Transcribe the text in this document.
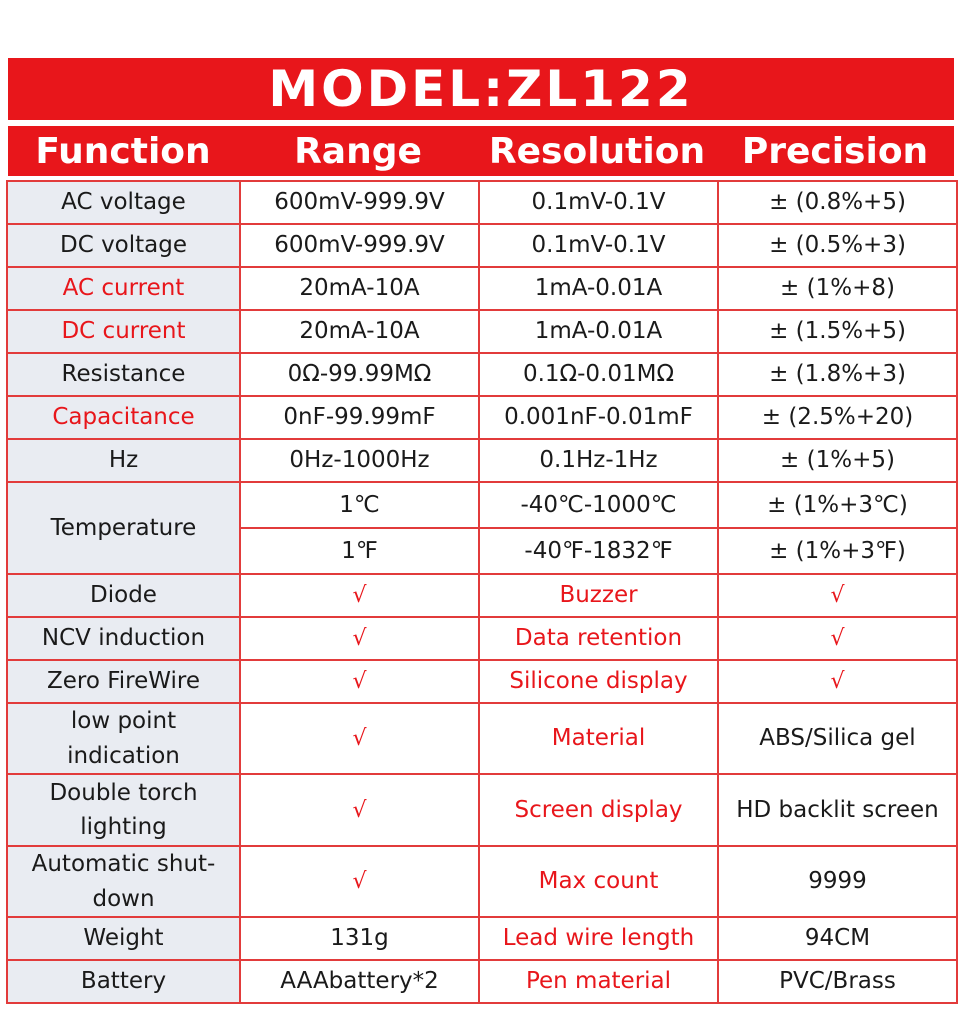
MODEL:ZL122
Function	Range	Resolution	Precision
AC voltage	600mV-999.9V	0.1mV-0.1V	± (0.8%+5)
DC voltage	600mV-999.9V	0.1mV-0.1V	± (0.5%+3)
AC current	20mA-10A	1mA-0.01A	± (1%+8)
DC current	20mA-10A	1mA-0.01A	± (1.5%+5)
Resistance	0Ω-99.99MΩ	0.1Ω-0.01MΩ	± (1.8%+3)
Capacitance	0nF-99.99mF	0.001nF-0.01mF	± (2.5%+20)
Hz	0Hz-1000Hz	0.1Hz-1Hz	± (1%+5)
Temperature	1℃	-40℃-1000℃	± (1%+3℃)
	1℉	-40℉-1832℉	± (1%+3℉)
Diode	√	Buzzer	√
NCV induction	√	Data retention	√
Zero FireWire	√	Silicone display	√
low point indication	√	Material	ABS/Silica gel
Double torch lighting	√	Screen display	HD backlit screen
Automatic shut-down	√	Max count	9999
Weight	131g	Lead wire length	94CM
Battery	AAAbattery*2	Pen material	PVC/Brass
